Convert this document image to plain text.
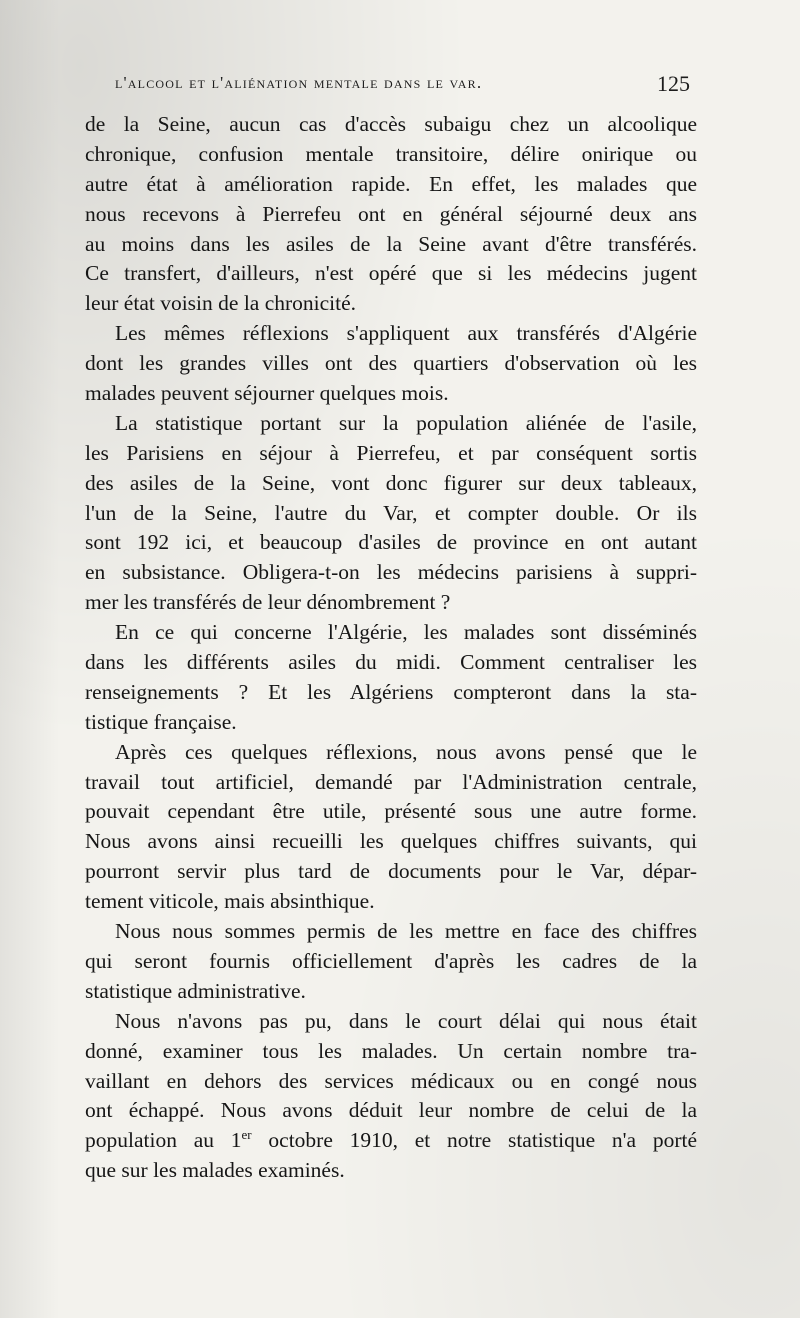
l'alcool et l'aliénation mentale dans le var.	125
de la Seine, aucun cas d'accès subaigu chez un alcoolique
chronique, confusion mentale transitoire, délire onirique ou
autre état à amélioration rapide. En effet, les malades que
nous recevons à Pierrefeu ont en général séjourné deux ans
au moins dans les asiles de la Seine avant d'être transférés.
Ce transfert, d'ailleurs, n'est opéré que si les médecins jugent
leur état voisin de la chronicité.
Les mêmes réflexions s'appliquent aux transférés d'Algérie
dont les grandes villes ont des quartiers d'observation où les
malades peuvent séjourner quelques mois.
La statistique portant sur la population aliénée de l'asile,
les Parisiens en séjour à Pierrefeu, et par conséquent sortis
des asiles de la Seine, vont donc figurer sur deux tableaux,
l'un de la Seine, l'autre du Var, et compter double. Or ils
sont 192 ici, et beaucoup d'asiles de province en ont autant
en subsistance. Obligera-t-on les médecins parisiens à suppri-
mer les transférés de leur dénombrement ?
En ce qui concerne l'Algérie, les malades sont disséminés
dans les différents asiles du midi. Comment centraliser les
renseignements ? Et les Algériens compteront dans la sta-
tistique française.
Après ces quelques réflexions, nous avons pensé que le
travail tout artificiel, demandé par l'Administration centrale,
pouvait cependant être utile, présenté sous une autre forme.
Nous avons ainsi recueilli les quelques chiffres suivants, qui
pourront servir plus tard de documents pour le Var, dépar-
tement viticole, mais absinthique.
Nous nous sommes permis de les mettre en face des chiffres
qui seront fournis officiellement d'après les cadres de la
statistique administrative.
Nous n'avons pas pu, dans le court délai qui nous était
donné, examiner tous les malades. Un certain nombre tra-
vaillant en dehors des services médicaux ou en congé nous
ont échappé. Nous avons déduit leur nombre de celui de la
population au 1er octobre 1910, et notre statistique n'a porté
que sur les malades examinés.
